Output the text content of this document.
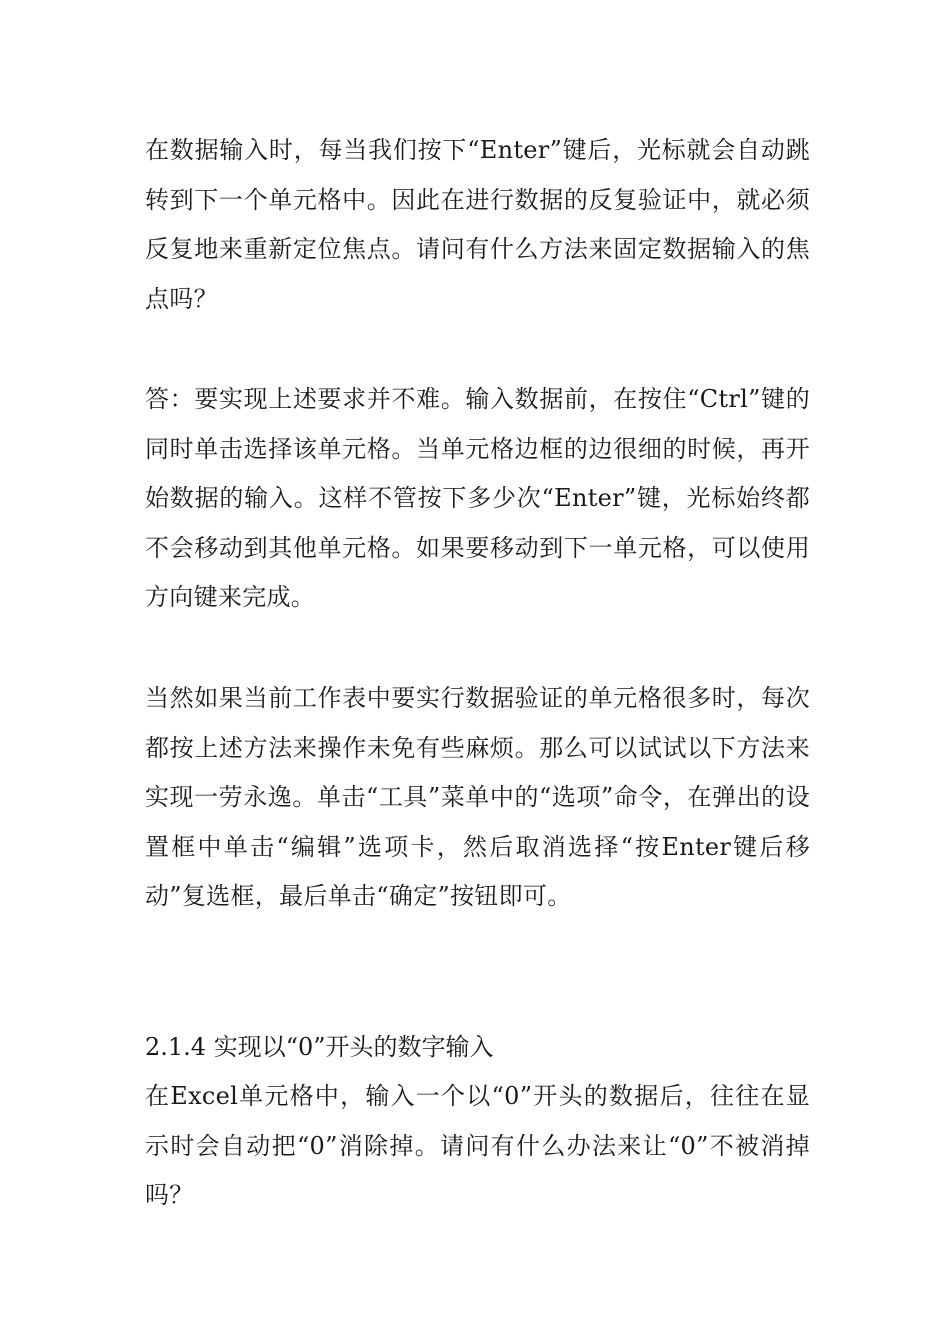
在数据输入时，每当我们按下“Enter”键后，光标就会自动跳转到下一个单元格中。因此在进行数据的反复验证中，就必须反复地来重新定位焦点。请问有什么方法来固定数据输入的焦点吗？

答：要实现上述要求并不难。输入数据前，在按住“Ctrl”键的同时单击选择该单元格。当单元格边框的边很细的时候，再开始数据的输入。这样不管按下多少次“Enter”键，光标始终都不会移动到其他单元格。如果要移动到下一单元格，可以使用方向键来完成。

当然如果当前工作表中要实行数据验证的单元格很多时，每次都按上述方法来操作未免有些麻烦。那么可以试试以下方法来实现一劳永逸。单击“工具”菜单中的“选项”命令，在弹出的设置框中单击“编辑”选项卡，然后取消选择“按Enter键后移动”复选框，最后单击“确定”按钮即可。

2.1.4 实现以“0”开头的数字输入

在Excel单元格中，输入一个以“0”开头的数据后，往往在显示时会自动把“0”消除掉。请问有什么办法来让“0”不被消掉吗？
